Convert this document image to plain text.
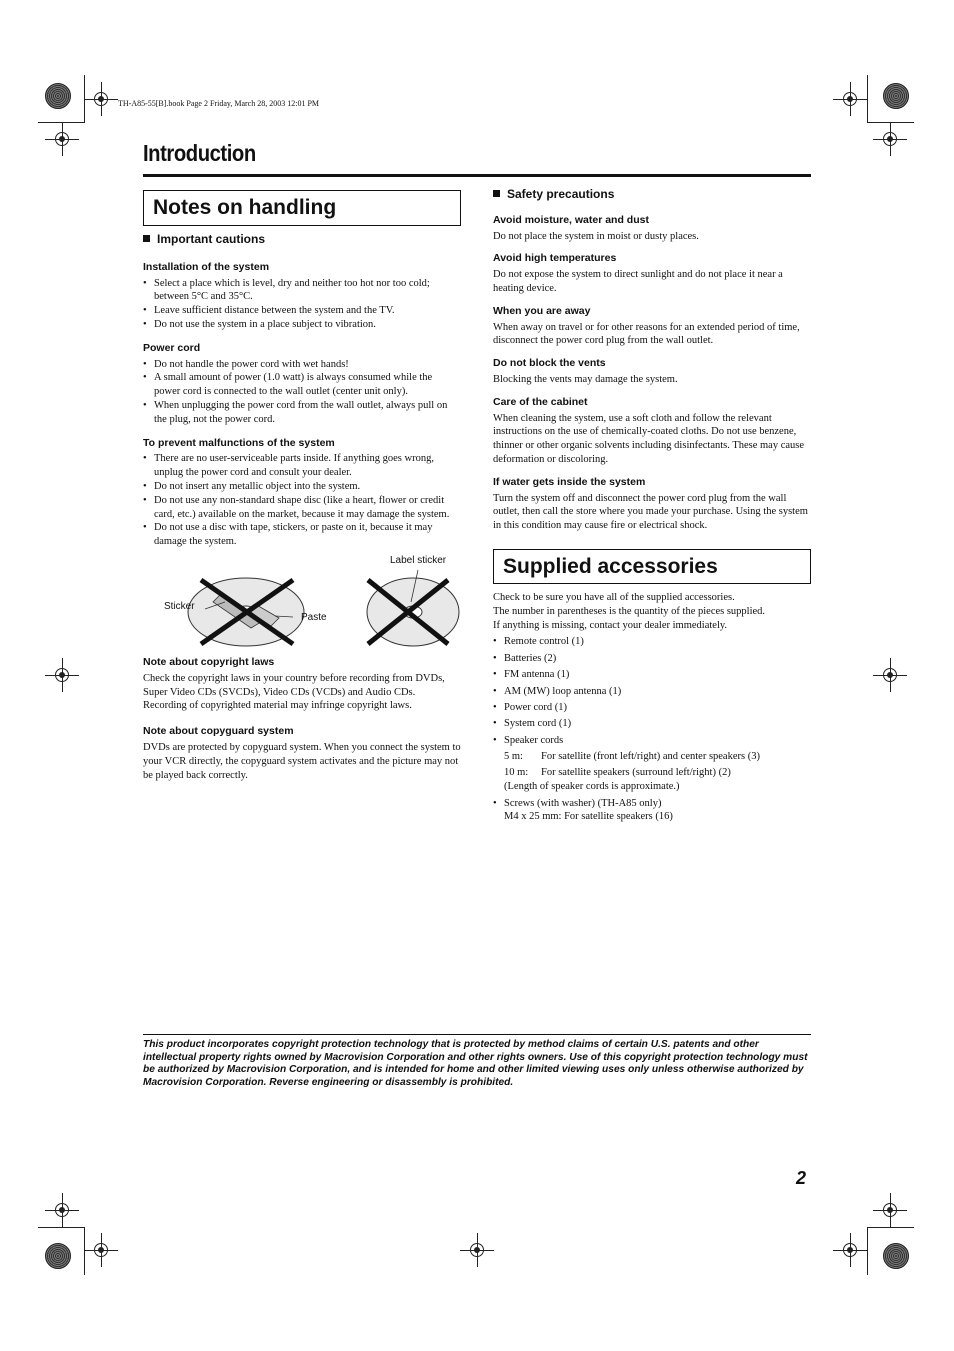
TH-A85-55[B].book Page 2 Friday, March 28, 2003 12:01 PM
Introduction
Notes on handling
Important cautions
Installation of the system
• Select a place which is level, dry and neither too hot nor too cold; between 5°C and 35°C.
• Leave sufficient distance between the system and the TV.
• Do not use the system in a place subject to vibration.
Power cord
• Do not handle the power cord with wet hands!
• A small amount of power (1.0 watt) is always consumed while the power cord is connected to the wall outlet (center unit only).
• When unplugging the power cord from the wall outlet, always pull on the plug, not the power cord.
To prevent malfunctions of the system
• There are no user-serviceable parts inside. If anything goes wrong, unplug the power cord and consult your dealer.
• Do not insert any metallic object into the system.
• Do not use any non-standard shape disc (like a heart, flower or credit card, etc.) available on the market, because it may damage the system.
• Do not use a disc with tape, stickers, or paste on it, because it may damage the system.
Label sticker
Sticker
Paste
Note about copyright laws

Check the copyright laws in your country before recording from DVDs, Super Video CDs (SVCDs), Video CDs (VCDs) and Audio CDs. Recording of copyrighted material may infringe copyright laws.

Note about copyguard system

DVDs are protected by copyguard system. When you connect the system to your VCR directly, the copyguard system activates and the picture may not be played back correctly.

Safety precautions
Avoid moisture, water and dust

Do not place the system in moist or dusty places.

Avoid high temperatures

Do not expose the system to direct sunlight and do not place it near a heating device.

When you are away

When away on travel or for other reasons for an extended period of time, disconnect the power cord plug from the wall outlet.

Do not block the vents

Blocking the vents may damage the system.

Care of the cabinet

When cleaning the system, use a soft cloth and follow the relevant instructions on the use of chemically-coated cloths. Do not use benzene, thinner or other organic solvents including disinfectants. These may cause deformation or discoloring.

If water gets inside the system

Turn the system off and disconnect the power cord plug from the wall outlet, then call the store where you made your purchase. Using the system in this condition may cause fire or electrical shock.

Supplied accessories
Check to be sure you have all of the supplied accessories.
The number in parentheses is the quantity of the pieces supplied.
If anything is missing, contact your dealer immediately.
• Remote control (1)
• Batteries (2)
• FM antenna (1)
• AM (MW) loop antenna (1)
• Power cord (1)
• System cord (1)
• Speaker cords
5 m:	For satellite (front left/right) and center speakers (3)
10 m:	For satellite speakers (surround left/right) (2)
(Length of speaker cords is approximate.)
• Screws (with washer) (TH-A85 only)
M4 x 25 mm: For satellite speakers (16)
This product incorporates copyright protection technology that is protected by method claims of certain U.S. patents and other intellectual property rights owned by Macrovision Corporation and other rights owners. Use of this copyright protection technology must be authorized by Macrovision Corporation, and is intended for home and other limited viewing uses only unless otherwise authorized by Macrovision Corporation. Reverse engineering or disassembly is prohibited.
2
